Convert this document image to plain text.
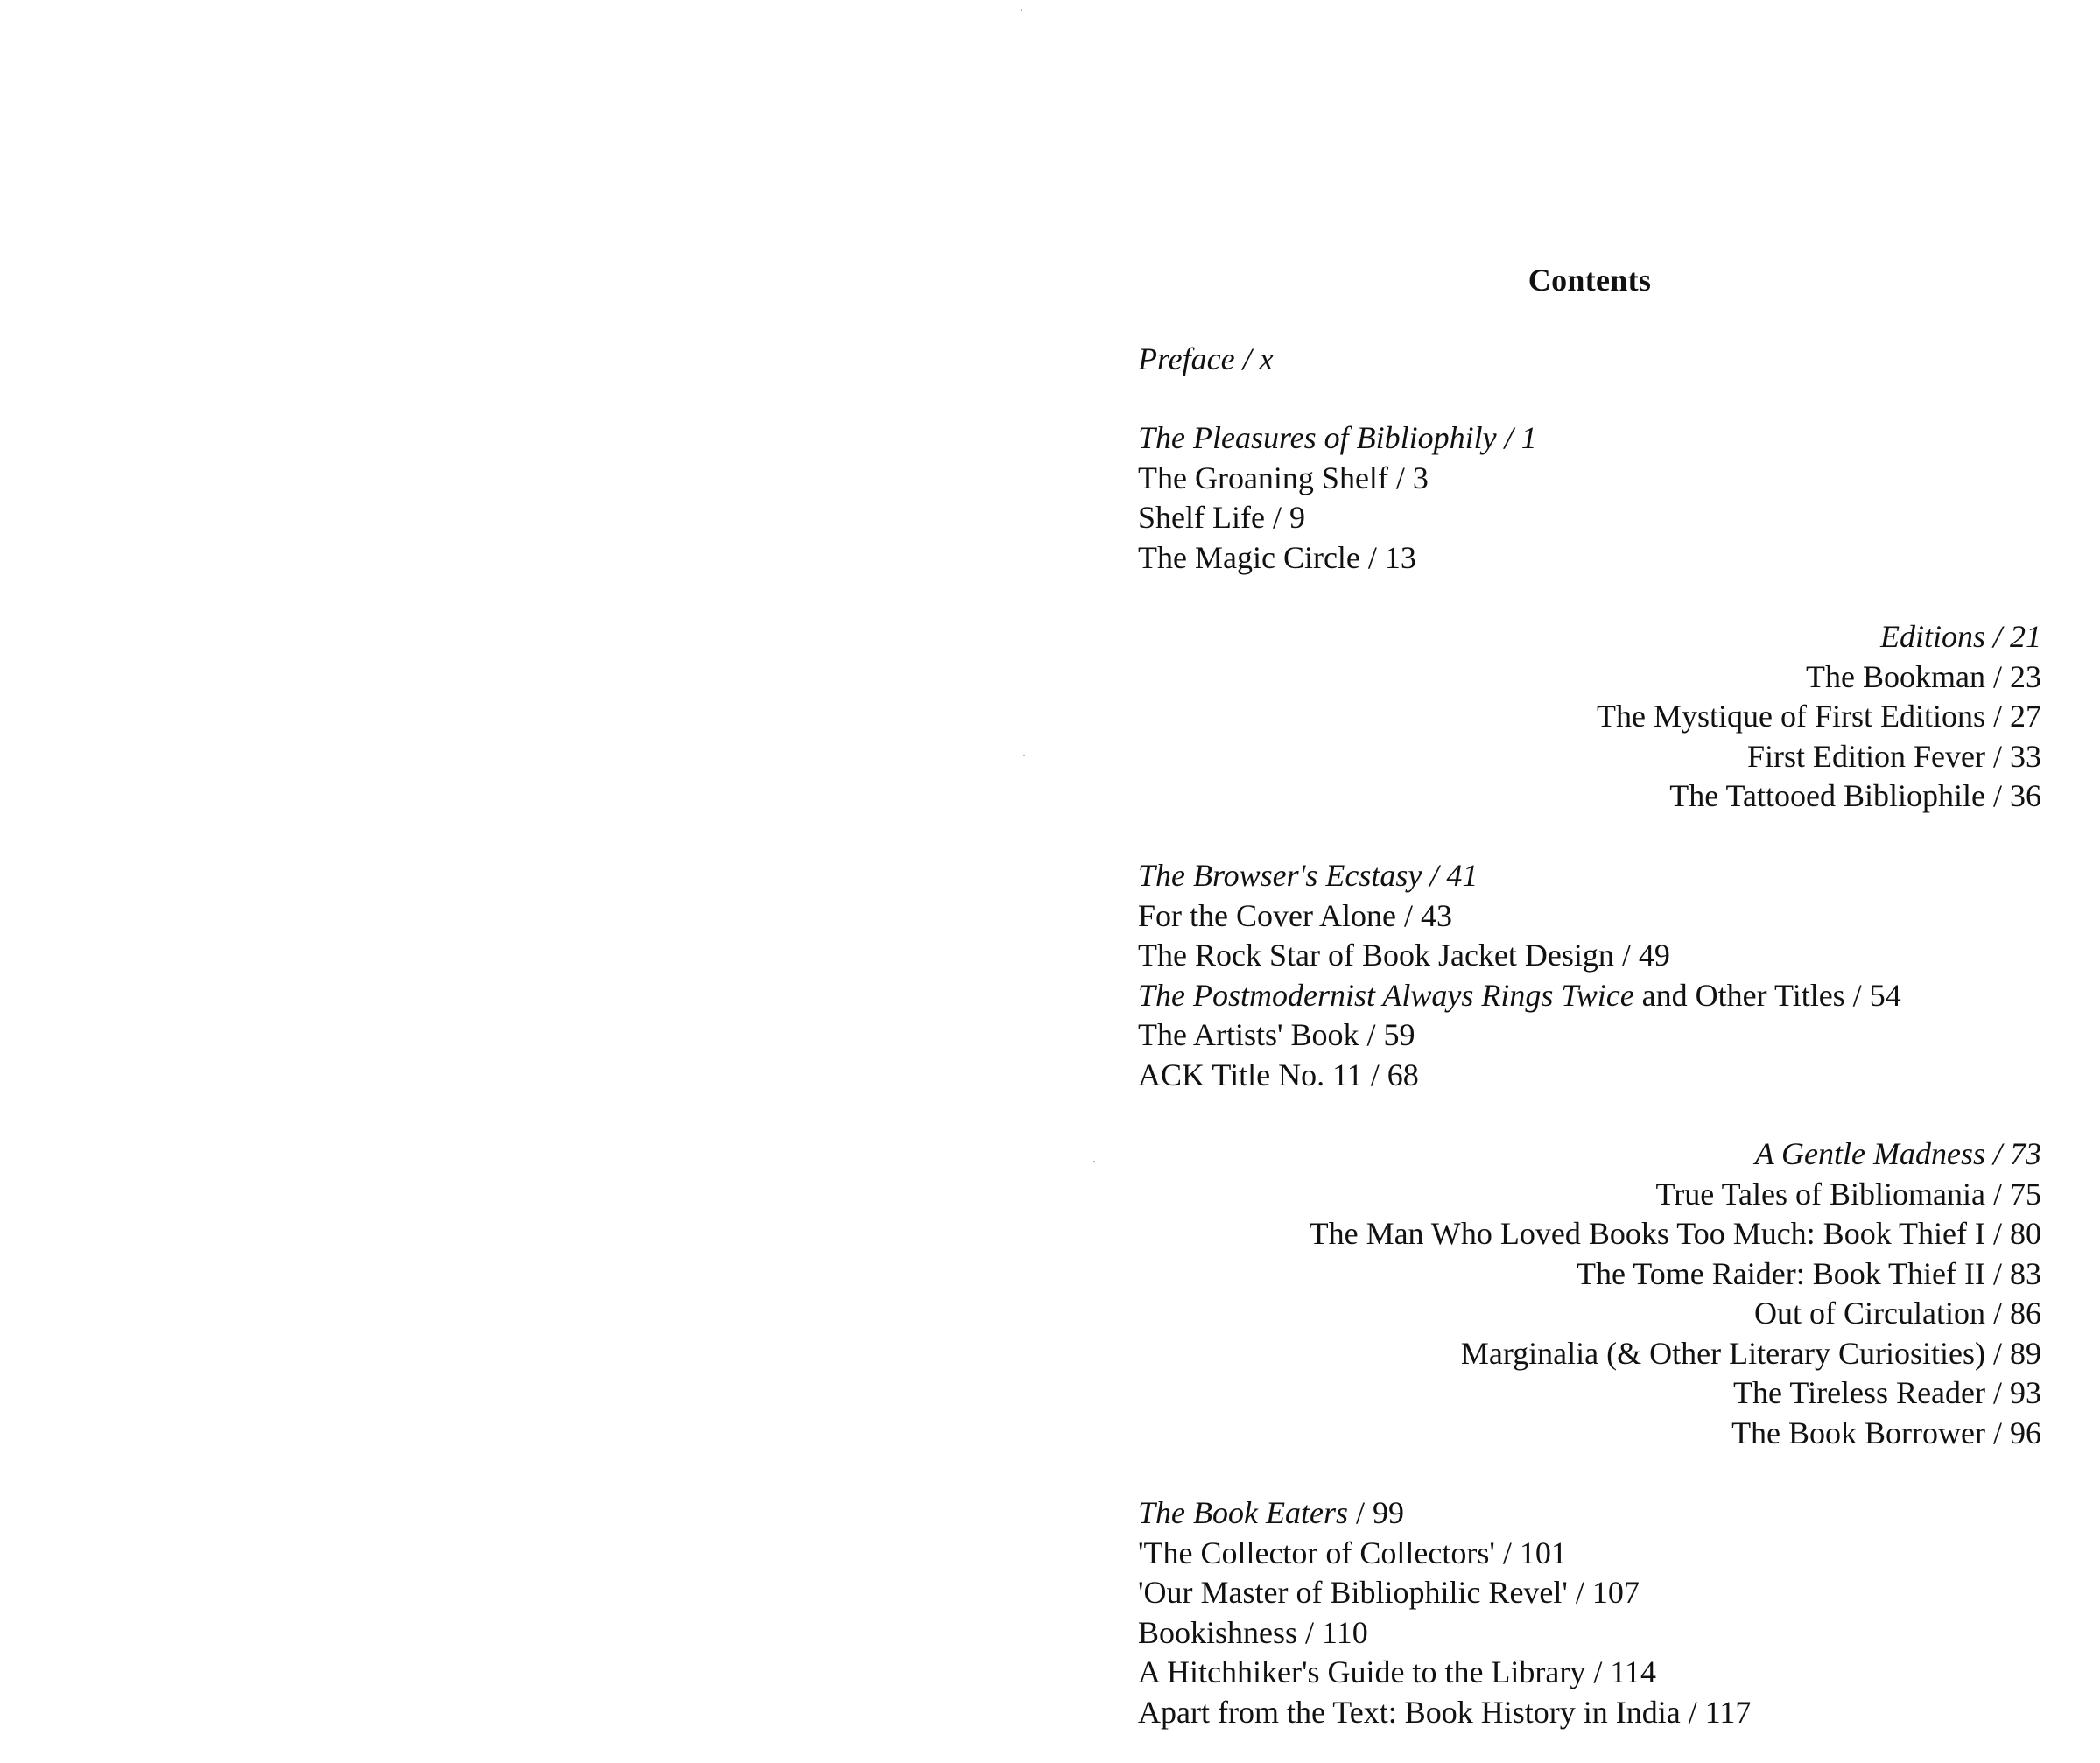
Contents
Preface / x
The Pleasures of Bibliophily / 1
The Groaning Shelf / 3
Shelf Life / 9
The Magic Circle / 13
Editions / 21
The Bookman / 23
The Mystique of First Editions / 27
First Edition Fever / 33
The Tattooed Bibliophile / 36
The Browser's Ecstasy / 41
For the Cover Alone / 43
The Rock Star of Book Jacket Design / 49
The Postmodernist Always Rings Twice and Other Titles / 54
The Artists' Book / 59
ACK Title No. 11 / 68
A Gentle Madness / 73
True Tales of Bibliomania / 75
The Man Who Loved Books Too Much: Book Thief I / 80
The Tome Raider: Book Thief II / 83
Out of Circulation / 86
Marginalia (& Other Literary Curiosities) / 89
The Tireless Reader / 93
The Book Borrower / 96
The Book Eaters / 99
'The Collector of Collectors' / 101
'Our Master of Bibliophilic Revel' / 107
Bookishness / 110
A Hitchhiker's Guide to the Library / 114
Apart from the Text: Book History in India / 117
